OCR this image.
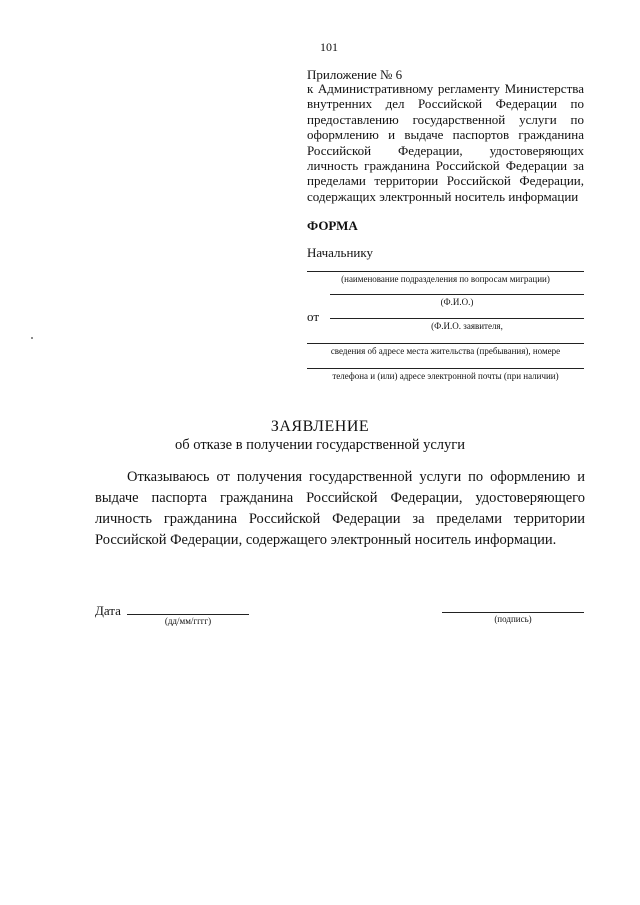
101
Приложение № 6
к Административному регламенту Министерства внутренних дел Российской Федерации по предоставлению государственной услуги по оформлению и выдаче паспортов гражданина Российской Федерации, удостоверяющих личность гражданина Российской Федерации за пределами территории Российской Федерации, содержащих электронный носитель информации
ФОРМА
Начальнику
(наименование подразделения по вопросам миграции)
(Ф.И.О.)
от
(Ф.И.О. заявителя,
сведения об адресе места жительства (пребывания), номере
телефона и (или) адресе электронной почты (при наличии)
ЗАЯВЛЕНИЕ
об отказе в получении государственной услуги
Отказываюсь от получения государственной услуги по оформлению и выдаче паспорта гражданина Российской Федерации, удостоверяющего личность гражданина Российской Федерации за пределами территории Российской Федерации, содержащего электронный носитель информации.
Дата
(дд/мм/гггг)	(подпись)
